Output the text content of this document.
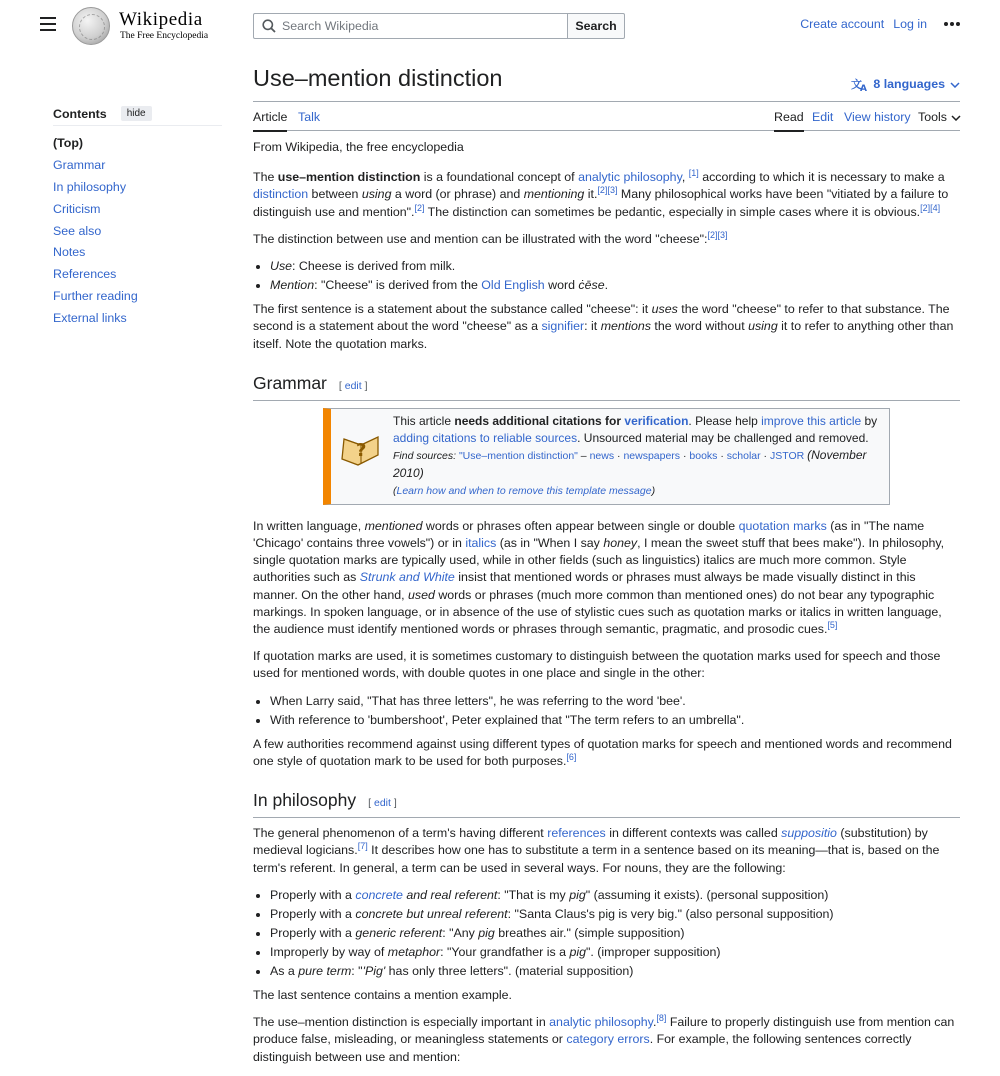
Wikipedia
The Free Encyclopedia
Search Wikipedia
Search	Create account Log in
Contents	hide
(Top)
Grammar
In philosophy
Criticism
See also
Notes
References
Further reading
External links
Use–mention distinction	文
A 8 languages
Article Talk	Read Edit View history Tools
From Wikipedia, the free encyclopedia

The use–mention distinction is a foundational concept of analytic philosophy, [1] according to which it is necessary to make a distinction between using a word (or phrase) and mentioning it.[2][3] Many philosophical works have been "vitiated by a failure to distinguish use and mention".[2] The distinction can sometimes be pedantic, especially in simple cases where it is obvious.[2][4]

The distinction between use and mention can be illustrated with the word "cheese":[2][3]

• Use: Cheese is derived from milk.
• Mention: "Cheese" is derived from the Old English word ċēse.

The first sentence is a statement about the substance called "cheese": it uses the word "cheese" to refer to that substance. The second is a statement about the word "cheese" as a signifier: it mentions the word without using it to refer to anything other than itself. Note the quotation marks.

Grammar [ edit ]
?
This article needs additional citations for verification. Please help improve this article by adding citations to reliable sources. Unsourced material may be challenged and removed.
Find sources: "Use–mention distinction" – news · newspapers · books · scholar · JSTOR (November 2010)
(Learn how and when to remove this template message)

In written language, mentioned words or phrases often appear between single or double quotation marks (as in "The name 'Chicago' contains three vowels") or in italics (as in "When I say honey, I mean the sweet stuff that bees make"). In philosophy, single quotation marks are typically used, while in other fields (such as linguistics) italics are much more common. Style authorities such as Strunk and White insist that mentioned words or phrases must always be made visually distinct in this manner. On the other hand, used words or phrases (much more common than mentioned ones) do not bear any typographic markings. In spoken language, or in absence of the use of stylistic cues such as quotation marks or italics in written language, the audience must identify mentioned words or phrases through semantic, pragmatic, and prosodic cues.[5]

If quotation marks are used, it is sometimes customary to distinguish between the quotation marks used for speech and those used for mentioned words, with double quotes in one place and single in the other:

• When Larry said, "That has three letters", he was referring to the word 'bee'.
• With reference to 'bumbershoot', Peter explained that "The term refers to an umbrella".

A few authorities recommend against using different types of quotation marks for speech and mentioned words and recommend one style of quotation mark to be used for both purposes.[6]

In philosophy [ edit ]

The general phenomenon of a term's having different references in different contexts was called suppositio (substitution) by medieval logicians.[7] It describes how one has to substitute a term in a sentence based on its meaning—that is, based on the term's referent. In general, a term can be used in several ways. For nouns, they are the following:

• Properly with a concrete and real referent: "That is my pig" (assuming it exists). (personal supposition)
• Properly with a concrete but unreal referent: "Santa Claus's pig is very big." (also personal supposition)
• Properly with a generic referent: "Any pig breathes air." (simple supposition)
• Improperly by way of metaphor: "Your grandfather is a pig". (improper supposition)
• As a pure term: "'Pig' has only three letters". (material supposition)

The last sentence contains a mention example.

The use–mention distinction is especially important in analytic philosophy.[8] Failure to properly distinguish use from mention can produce false, misleading, or meaningless statements or category errors. For example, the following sentences correctly distinguish between use and mention:
